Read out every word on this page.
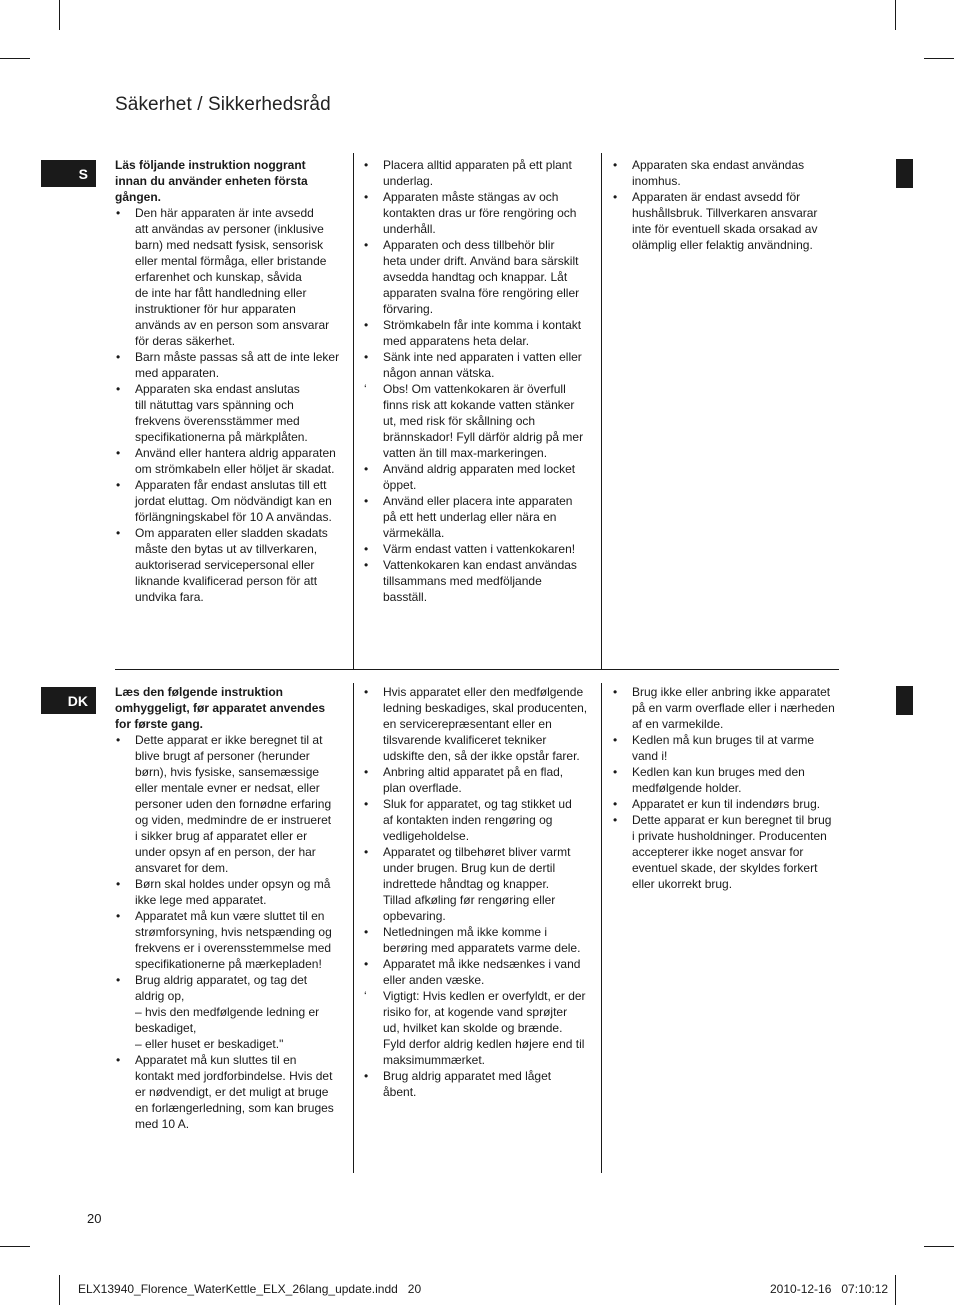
Säkerhet / Sikkerhedsråd
S
DK
Läs följande instruktion noggrant
innan du använder enheten första
gången.
•	Den här apparaten är inte avsedd
att användas av personer (inklusive
barn) med nedsatt fysisk, sensorisk
eller mental förmåga, eller bristande
erfarenhet och kunskap, såvida
de inte har fått handledning eller
instruktioner för hur apparaten
används av en person som ansvarar
för deras säkerhet.
•	Barn måste passas så att de inte leker
med apparaten.
•	Apparaten ska endast anslutas
till nätuttag vars spänning och
frekvens överensstämmer med
specifikationerna på märkplåten.
•	Använd eller hantera aldrig apparaten
om strömkabeln eller höljet är skadat.
•	Apparaten får endast anslutas till ett
jordat eluttag. Om nödvändigt kan en
förlängningskabel för 10 A användas.
•	Om apparaten eller sladden skadats
måste den bytas ut av tillverkaren,
auktoriserad servicepersonal eller
liknande kvalificerad person för att
undvika fara.
•	Placera alltid apparaten på ett plant
underlag.
•	Apparaten måste stängas av och
kontakten dras ur före rengöring och
underhåll.
•	Apparaten och dess tillbehör blir
heta under drift. Använd bara särskilt
avsedda handtag och knappar. Låt
apparaten svalna före rengöring eller
förvaring.
•	Strömkabeln får inte komma i kontakt
med apparatens heta delar.
•	Sänk inte ned apparaten i vatten eller
någon annan vätska.
‘	Obs! Om vattenkokaren är överfull
finns risk att kokande vatten stänker
ut, med risk för skållning och
brännskador! Fyll därför aldrig på mer
vatten än till max-markeringen.
•	Använd aldrig apparaten med locket
öppet.
•	Använd eller placera inte apparaten
på ett hett underlag eller nära en
värmekälla.
•	Värm endast vatten i vattenkokaren!
•	Vattenkokaren kan endast användas
tillsammans med medföljande
basställ.
•	Apparaten ska endast användas
inomhus.
•	Apparaten är endast avsedd för
hushållsbruk. Tillverkaren ansvarar
inte för eventuell skada orsakad av
olämplig eller felaktig användning.
Læs den følgende instruktion
omhyggeligt, før apparatet anvendes
for første gang.
•	Dette apparat er ikke beregnet til at
blive brugt af personer (herunder
børn), hvis fysiske, sansemæssige
eller mentale evner er nedsat, eller
personer uden den fornødne erfaring
og viden, medmindre de er instrueret
i sikker brug af apparatet eller er
under opsyn af en person, der har
ansvaret for dem.
•	Børn skal holdes under opsyn og må
ikke lege med apparatet.
•	Apparatet må kun være sluttet til en
strømforsyning, hvis netspænding og
frekvens er i overensstemmelse med
specifikationerne på mærkepladen!
•	Brug aldrig apparatet, og tag det
aldrig op,
– hvis den medfølgende ledning er
beskadiget,
– eller huset er beskadiget."
•	Apparatet må kun sluttes til en
kontakt med jordforbindelse. Hvis det
er nødvendigt, er det muligt at bruge
en forlængerledning, som kan bruges
med 10 A.
•	Hvis apparatet eller den medfølgende
ledning beskadiges, skal producenten,
en servicerepræsentant eller en
tilsvarende kvalificeret tekniker
udskifte den, så der ikke opstår farer.
•	Anbring altid apparatet på en flad,
plan overflade.
•	Sluk for apparatet, og tag stikket ud
af kontakten inden rengøring og
vedligeholdelse.
•	Apparatet og tilbehøret bliver varmt
under brugen. Brug kun de dertil
indrettede håndtag og knapper.
Tillad afkøling før rengøring eller
opbevaring.
•	Netledningen må ikke komme i
berøring med apparatets varme dele.
•	Apparatet må ikke nedsænkes i vand
eller anden væske.
‘	Vigtigt: Hvis kedlen er overfyldt, er der
risiko for, at kogende vand sprøjter
ud, hvilket kan skolde og brænde.
Fyld derfor aldrig kedlen højere end til
maksimummærket.
•	Brug aldrig apparatet med låget
åbent.
•	Brug ikke eller anbring ikke apparatet
på en varm overflade eller i nærheden
af en varmekilde.
•	Kedlen må kun bruges til at varme
vand i!
•	Kedlen kan kun bruges med den
medfølgende holder.
•	Apparatet er kun til indendørs brug.
•	Dette apparat er kun beregnet til brug
i private husholdninger. Producenten
accepterer ikke noget ansvar for
eventuel skade, der skyldes forkert
eller ukorrekt brug.
20
ELX13940_Florence_WaterKettle_ELX_26lang_update.indd   20	2010-12-16   07:10:12
